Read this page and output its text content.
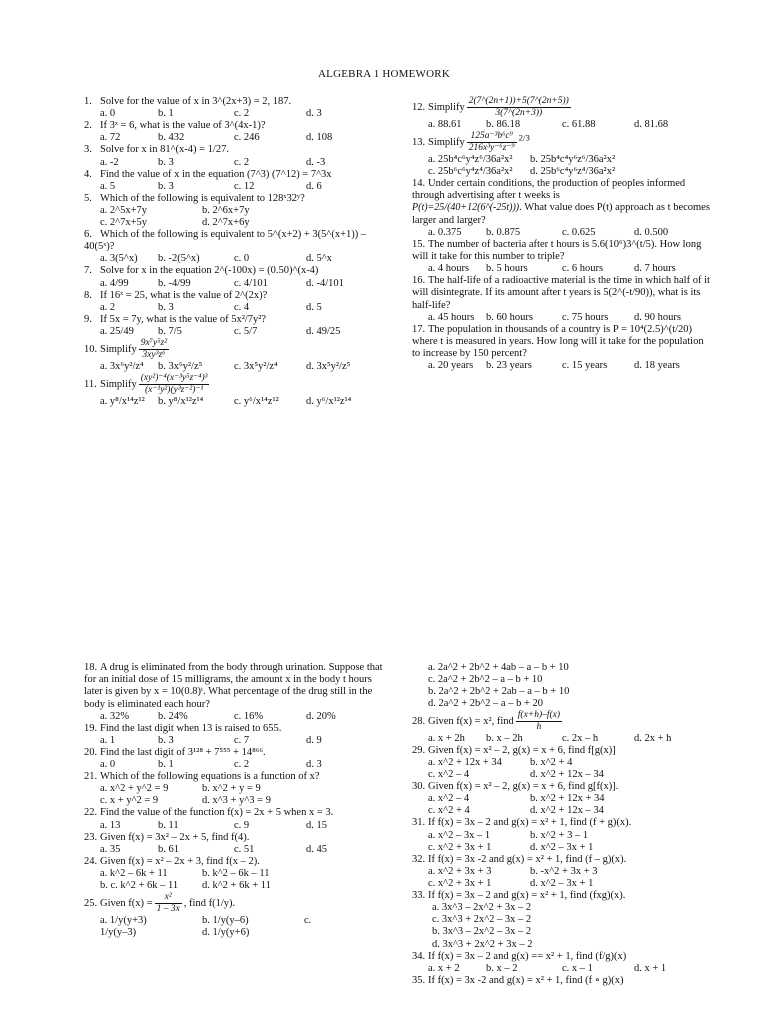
ALGEBRA 1 HOMEWORK
1. Solve for the value of x in 3^(2x+3) = 2, 187.
a. 0	b. 1	c. 2	d. 3
2. If 3ˣ = 6, what is the value of 3^(4x-1)?
a. 72	b. 432	c. 246	d. 108
3. Solve for x in 81^(x-4) = 1/27.
a. -2	b. 3	c. 2	d. -3
4. Find the value of x in the equation (7^3) (7^12) = 7^3x
a. 5	b. 3	c. 12	d. 6
5. Which of the following is equivalent to 128ˣ32ʸ?
a. 2^5x+7y	b. 2^6x+7y
c. 2^7x+5y	d. 2^7x+6y
6. Which of the following is equivalent to 5^(x+2) + 3(5^(x+1)) – 40(5ˣ)?
a. 3(5^x) b. -2(5^x)	c. 0	d. 5^x
7. Solve for x in the equation 2^(-100x) = (0.50)^(x-4)
a. 4/99	b. -4/99	c. 4/101	d. -4/101
8. If 16ˣ = 25, what is the value of 2^(2x)?
a. 2	b. 3	c. 4	d. 5
9. If 5x = 7y, what is the value of 5x²/7y²?
a. 25/49 b. 7/5	c. 5/7	d. 49/25
10. Simplify $\frac{\text{9x⁷y⁵z²}}{\text{3xy³z⁶}}$
a. 3x⁶y²/z⁴ b. 3x⁶y²/z⁵	c. 3x⁵y²/z⁴	d. 3x⁵y²/z⁵
11. Simplify $\frac{\text{(xy²)⁻⁴(x⁻³y⁵z⁻⁴)³}}{\text{(x⁻¹y²)(y³z⁻²)⁻¹}}$
a. y⁸/x¹⁴z¹² b. y⁸/x¹²z¹⁴	c. y⁶/x¹⁴z¹²	d. y⁶/x¹²z¹⁴
12. Simplify $\frac{2(7\^{}(2n+1))+5(7\^{}(2n+5))}{3(7\^{}(2n+3))}$
a. 88.61 b. 86.18	c. 61.88	d. 81.68
13. Simplify $\frac{\text{125a⁻³b⁶c⁹}}{\text{216x³y⁻⁶z⁻⁹}} ^{2/3}$
a. 25b⁴c⁶y⁴z⁶/36a²x² b. 25b⁴c⁴y⁶z⁶/36a²x²
c. 25b⁶c⁶y⁴z⁴/36a²x² d. 25b⁶c⁴y⁶z⁴/36a²x²
14. Under certain conditions, the production of peoples informed through advertising after t weeks is
P(t)=25/(40+12(6^(-25t))). What value does P(t) approach as t becomes larger and larger?
a. 0.375 b. 0.875	c. 0.625	d. 0.500
15. The number of bacteria after t hours is 5.6(10⁶)3^(t/5). How long will it take for this number to triple?
a. 4 hours b. 5 hours	c. 6 hours	d. 7 hours
16. The half-life of a radioactive material is the time in which half of it will disintegrate. If its amount after t years is 5(2^(-t/90)), what is its half-life?
a. 45 hours b. 60 hours	c. 75 hours d. 90 hours
17. The population in thousands of a country is P = 10⁴(2.5)^(t/20) where t is measured in years. How long will it take for the population to increase by 150 percent?
a. 20 years b. 23 years	c. 15 years	d. 18 years
18. A drug is eliminated from the body through urination. Suppose that for an initial dose of 15 milligrams, the amount x in the body t hours later is given by x = 10(0.8)ᵗ. What percentage of the drug still in the body is eliminated each hour?
a. 32%	b. 24%	c. 16%	d. 20%
19. Find the last digit when 13 is raised to 655.
a. 1	b. 3	c. 7	d. 9
20. Find the last digit of 3¹²⁸ + 7⁵⁵⁵ + 14⁸⁶⁶.
a. 0	b. 1	c. 2	d. 3
21. Which of the following equations is a function of x?
a. x^2 + y^2 = 9	b. x^2 + y = 9
c. x + y^2 = 9	d. x^3 + y^3 = 9
22. Find the value of the function f(x) = 2x + 5 when x = 3.
a. 13	b. 11	c. 9	d. 15
23. Given f(x) = 3x² – 2x + 5, find f(4).
a. 35	b. 61	c. 51	d. 45
24. Given f(x) = x² – 2x + 3, find f(x – 2).
a. k^2 – 6k + 11	b. k^2 – 6k – 11
b. c. k^2 + 6k – 11 d. k^2 + 6k + 11
25. Given $f(x) = \frac{\text{x²}}{1 - 3x}$ , find f(1/y).
a. 1/y(y+3)	b. 1/y(y–6)	c.
1/y(y–3)	d. 1/y(y+6)
a. 2a^2 + 2b^2 + 4ab – a – b + 10
c. 2a^2 + 2b^2 – a – b + 10
b. 2a^2 + 2b^2 + 2ab – a – b + 10
d. 2a^2 + 2b^2 – a – b + 20
28. Given f(x) = x², find $\frac{f(x+h)-f(x)}{h}$
a. x + 2h b. x – 2h	c. 2x – h	d. 2x + h
29. Given f(x) = x² – 2, g(x) = x + 6, find f[g(x)]
a. x^2 + 12x + 34	b. x^2 + 4
c. x^2 – 4	d. x^2 + 12x – 34
30. Given f(x) = x² – 2, g(x) = x + 6, find g[f(x)].
a. x^2 – 4	b. x^2 + 12x + 34
c. x^2 + 4	d. x^2 + 12x – 34
31. If f(x) = 3x – 2 and g(x) = x² + 1, find (f + g)(x).
a. x^2 – 3x – 1	b. x^2 + 3 – 1
c. x^2 + 3x + 1	d. x^2 – 3x + 1
32. If f(x) = 3x -2 and g(x) = x² + 1, find (f – g)(x).
a. x^2 + 3x + 3	b. -x^2 + 3x + 3
c. x^2 + 3x + 1	d. x^2 – 3x + 1
33. If f(x) = 3x – 2 and g(x) = x² + 1, find (fxg)(x).
a. 3x^3 – 2x^2 + 3x – 2
c. 3x^3 + 2x^2 – 3x – 2
b. 3x^3 – 2x^2 – 3x – 2
d. 3x^3 + 2x^2 + 3x – 2
34. If f(x) = 3x – 2 and g(x) == x² + 1, find (f/g)(x)
a. x + 2	b. x – 2	c. x – 1	d. x + 1
35. If f(x) = 3x -2 and g(x) = x² + 1, find (f ∘ g)(x)
